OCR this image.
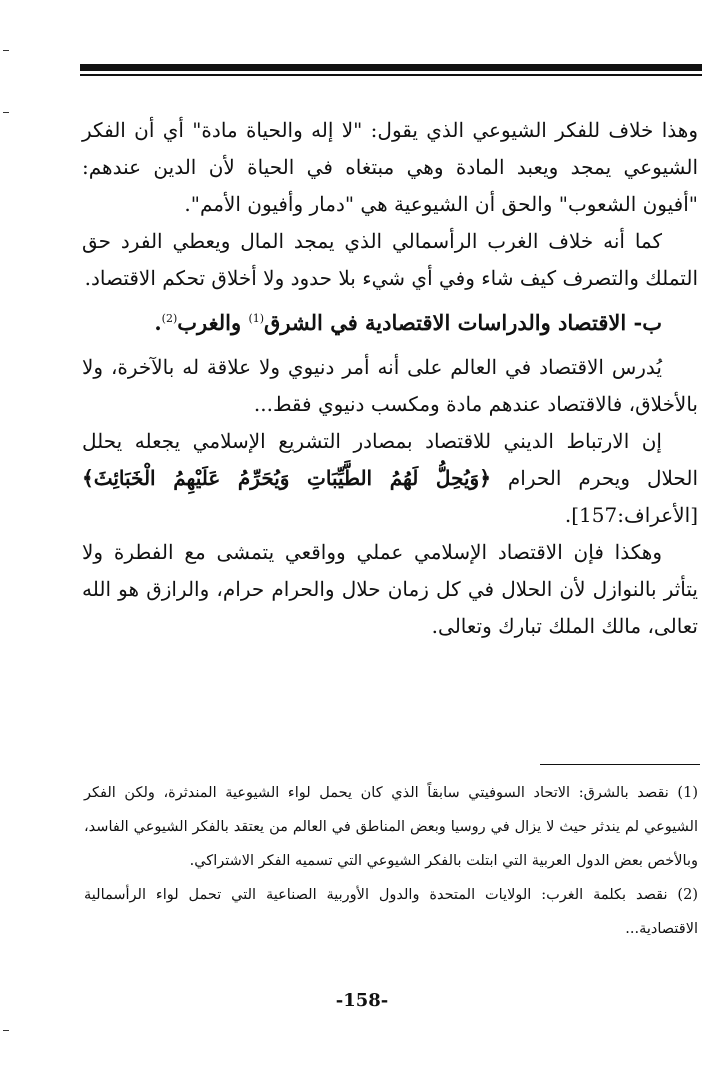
وهذا خلاف للفكر الشيوعي الذي يقول: "لا إله والحياة مادة" أي أن الفكر الشيوعي يمجد ويعبد المادة وهي مبتغاه في الحياة لأن الدين عندهم: "أفيون الشعوب" والحق أن الشيوعية هي "دمار وأفيون الأمم".

كما أنه خلاف الغرب الرأسمالي الذي يمجد المال ويعطي الفرد حق التملك والتصرف كيف شاء وفي أي شيء بلا حدود ولا أخلاق تحكم الاقتصاد.

ب- الاقتصاد والدراسات الاقتصادية في الشرق$^{(1)}$ والغرب$^{(2)}$.

يُدرس الاقتصاد في العالم على أنه أمر دنيوي ولا علاقة له بالآخرة، ولا بالأخلاق، فالاقتصاد عندهم مادة ومكسب دنيوي فقط...

إن الارتباط الديني للاقتصاد بمصادر التشريع الإسلامي يجعله يحلل الحلال ويحرم الحرام ﴿وَيُحِلُّ لَهُمُ الطَّيِّبَاتِ وَيُحَرِّمُ عَلَيْهِمُ الْخَبَائِثَ﴾[الأعراف:157].

وهكذا فإن الاقتصاد الإسلامي عملي وواقعي يتمشى مع الفطرة ولا يتأثر بالنوازل لأن الحلال في كل زمان حلال والحرام حرام، والرازق هو الله تعالى، مالك الملك تبارك وتعالى.

(1) نقصد بالشرق: الاتحاد السوفيتي سابقاً الذي كان يحمل لواء الشيوعية المندثرة، ولكن الفكر الشيوعي لم يندثر حيث لا يزال في روسيا وبعض المناطق في العالم من يعتقد بالفكر الشيوعي الفاسد، وبالأخص بعض الدول العربية التي ابتلت بالفكر الشيوعي التي تسميه الفكر الاشتراكي.

(2) نقصد بكلمة الغرب: الولايات المتحدة والدول الأوربية الصناعية التي تحمل لواء الرأسمالية الاقتصادية...

-158-
